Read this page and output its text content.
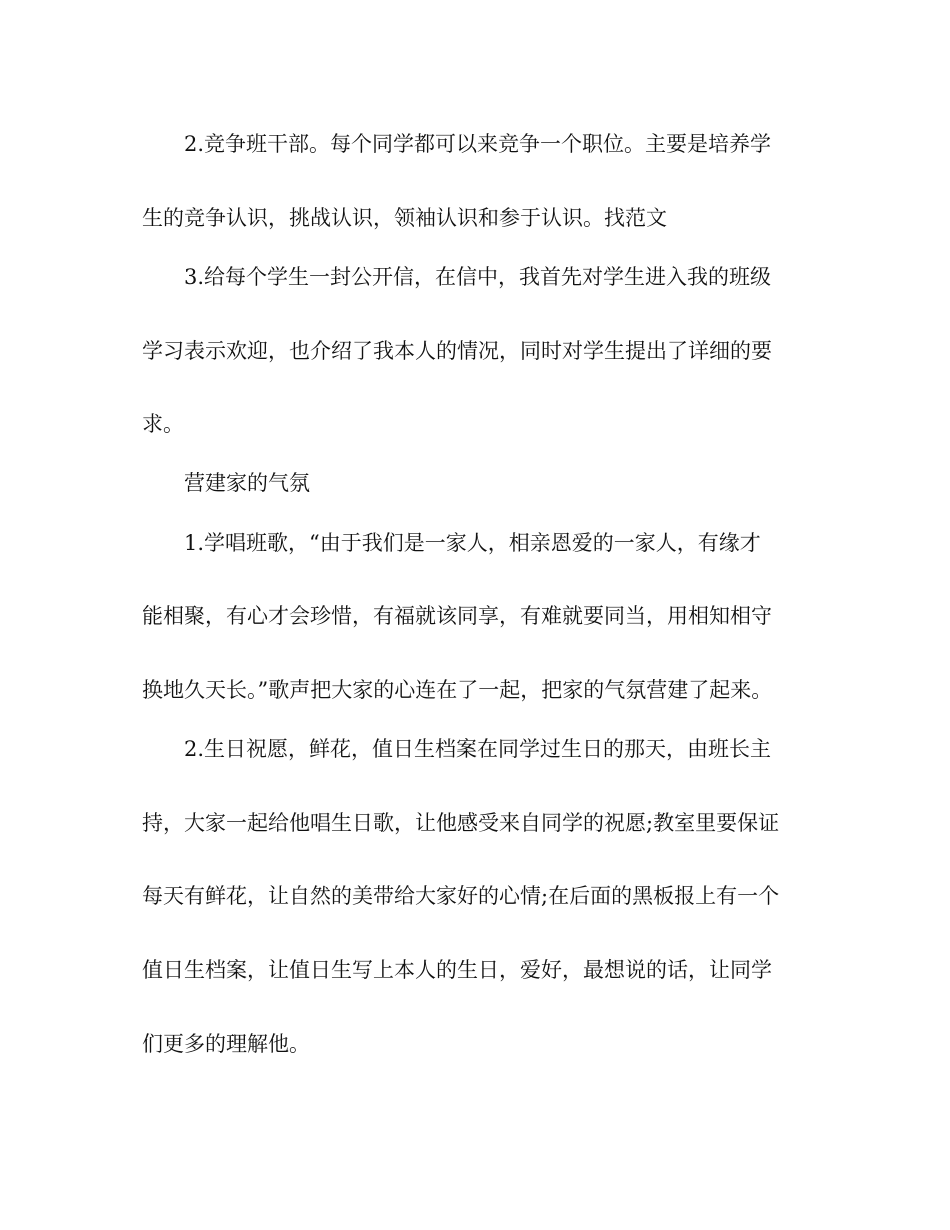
2.竞争班干部。每个同学都可以来竞争一个职位。主要是培养学

生的竞争认识，挑战认识，领袖认识和参于认识。找范文

3.给每个学生一封公开信，在信中，我首先对学生进入我的班级

学习表示欢迎，也介绍了我本人的情况，同时对学生提出了详细的要

求。

营建家的气氛

1.学唱班歌，“由于我们是一家人，相亲恩爱的一家人，有缘才

能相聚，有心才会珍惜，有福就该同享，有难就要同当，用相知相守

换地久天长。”歌声把大家的心连在了一起，把家的气氛营建了起来。

2.生日祝愿，鲜花，值日生档案在同学过生日的那天，由班长主

持，大家一起给他唱生日歌，让他感受来自同学的祝愿;教室里要保证

每天有鲜花，让自然的美带给大家好的心情;在后面的黑板报上有一个

值日生档案，让值日生写上本人的生日，爱好，最想说的话，让同学

们更多的理解他。
